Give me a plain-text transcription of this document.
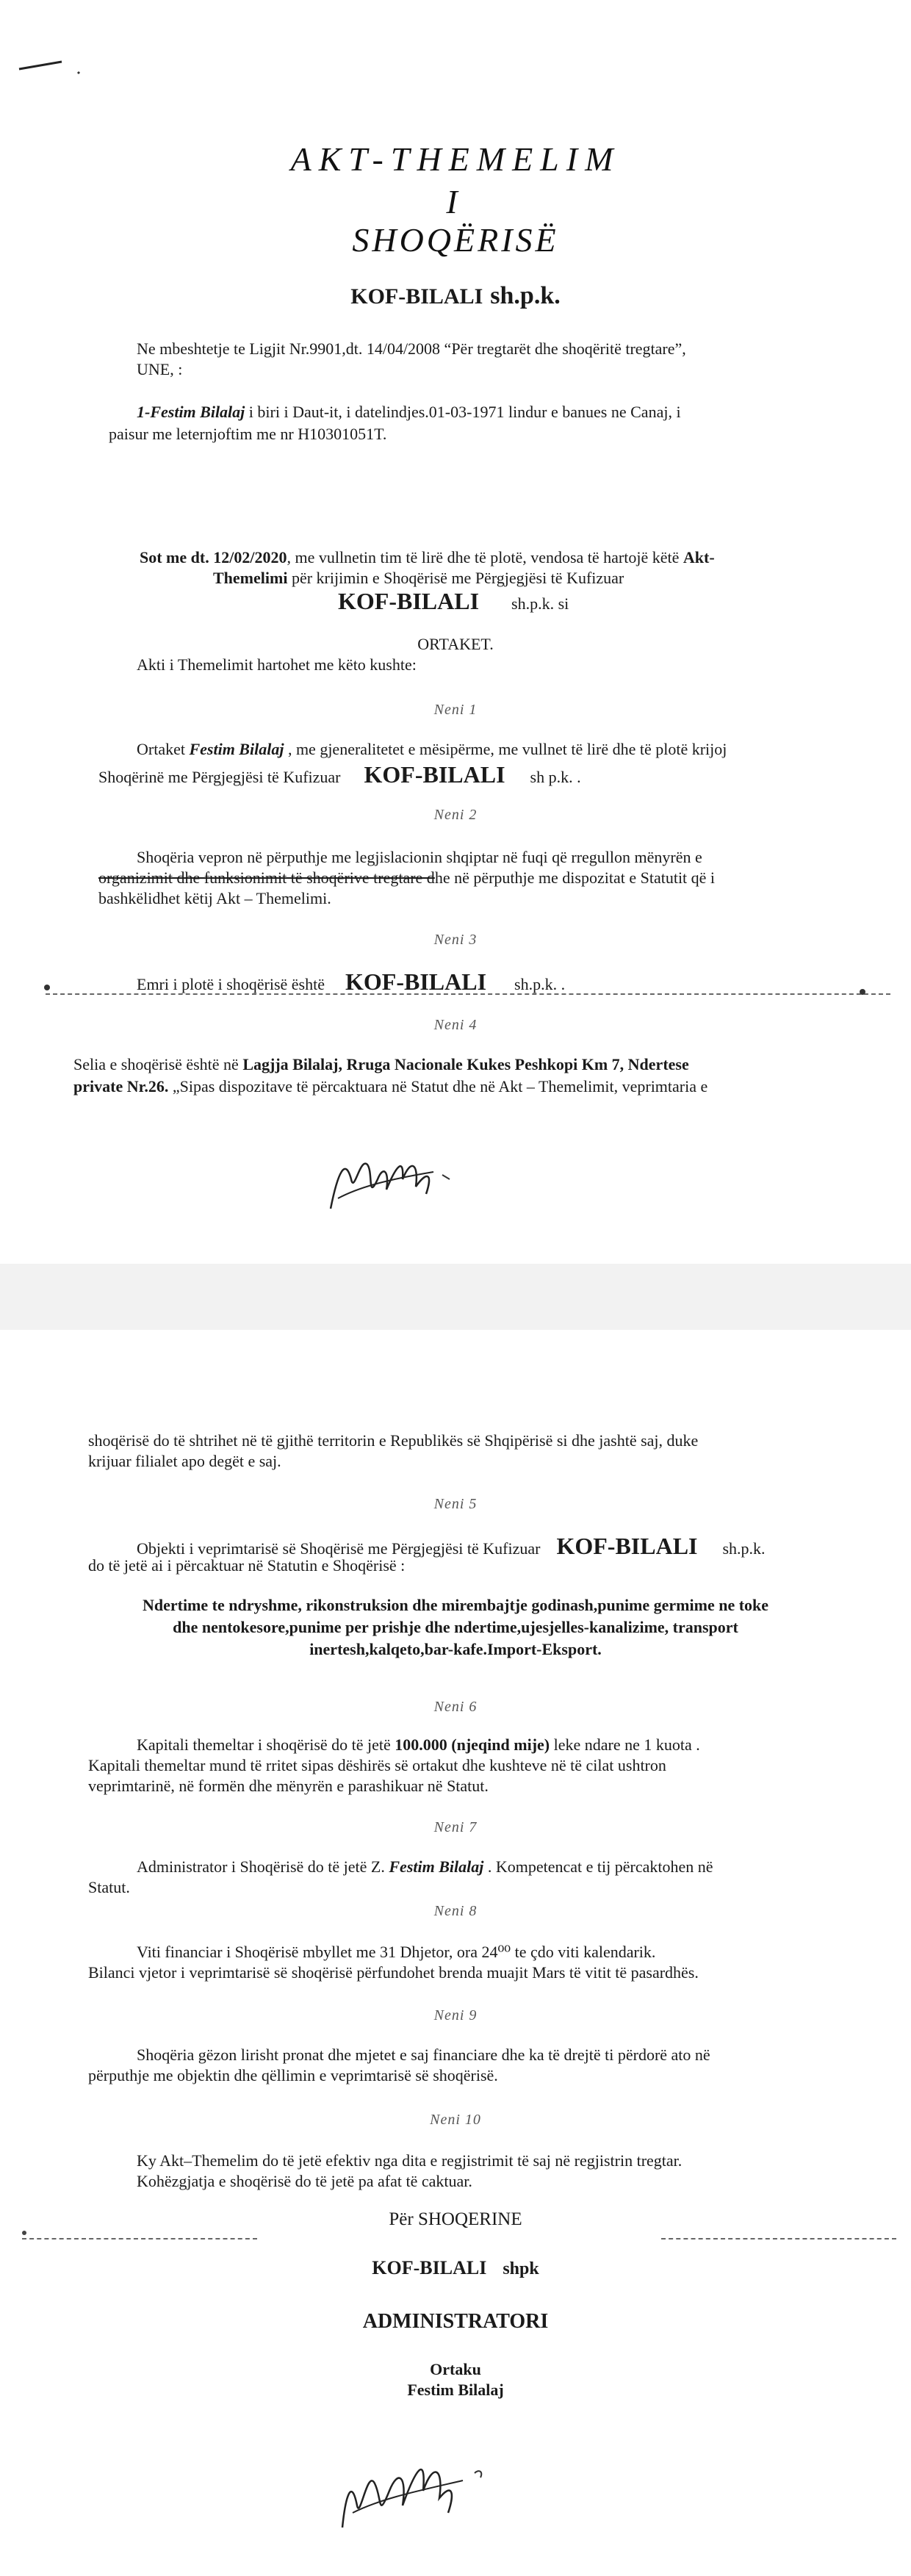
AKT-THEMELIM
I
SHOQËRISË
KOF-BILALI sh.p.k.
Ne mbeshtetje te Ligjit Nr.9901,dt. 14/04/2008 “Për tregtarët dhe shoqëritë tregtare”,
UNE, :
1-Festim Bilalaj i biri i Daut-it, i datelindjes.01-03-1971 lindur e banues ne Canaj, i
paisur me leternjoftim me nr H10301051T.
Sot me dt. 12/02/2020, me vullnetin tim të lirë dhe të plotë, vendosa të hartojë këtë Akt-
Themelimi për krijimin e Shoqërisë me Përgjegjësi të Kufizuar
KOF-BILALI sh.p.k. si
ORTAKET.
Akti i Themelimit hartohet me këto kushte:
Neni 1
Ortaket Festim Bilalaj , me gjeneralitetet e mësipërme, me vullnet të lirë dhe të plotë krijoj
Shoqërinë me Përgjegjësi të Kufizuar KOF-BILALI sh p.k. .
Neni 2
Shoqëria vepron në përputhje me legjislacionin shqiptar në fuqi që rregullon mënyrën e
organizimit dhe funksionimit të shoqërive tregtare dhe në përputhje me dispozitat e Statutit që i
bashkëlidhet këtij Akt – Themelimi.
Neni 3
Emri i plotë i shoqërisë është KOF-BILALI sh.p.k. .
Neni 4
Selia e shoqërisë është në Lagjja Bilalaj, Rruga Nacionale Kukes Peshkopi Km 7, Ndertese
private Nr.26. „Sipas dispozitave të përcaktuara në Statut dhe në Akt – Themelimit, veprimtaria e
shoqërisë do të shtrihet në të gjithë territorin e Republikës së Shqipërisë si dhe jashtë saj, duke
krijuar filialet apo degët e saj.
Neni 5
Objekti i veprimtarisë së Shoqërisë me Përgjegjësi të Kufizuar KOF-BILALI sh.p.k.
do të jetë ai i përcaktuar në Statutin e Shoqërisë :
Ndertime te ndryshme, rikonstruksion dhe mirembajtje godinash,punime germime ne toke
dhe nentokesore,punime per prishje dhe ndertime,ujesjelles-kanalizime, transport
inertesh,kalqeto,bar-kafe.Import-Eksport.
Neni 6
Kapitali themeltar i shoqërisë do të jetë 100.000 (njeqind mije) leke ndare ne 1 kuota .
Kapitali themeltar mund të rritet sipas dëshirës së ortakut dhe kushteve në të cilat ushtron
veprimtarinë, në formën dhe mënyrën e parashikuar në Statut.
Neni 7
Administrator i Shoqërisë do të jetë Z. Festim Bilalaj . Kompetencat e tij përcaktohen në
Statut.
Neni 8
Viti financiar i Shoqërisë mbyllet me 31 Dhjetor, ora 24⁰⁰ te çdo viti kalendarik.
Bilanci vjetor i veprimtarisë së shoqërisë përfundohet brenda muajit Mars të vitit të pasardhës.
Neni 9
Shoqëria gëzon lirisht pronat dhe mjetet e saj financiare dhe ka të drejtë ti përdorë ato në
përputhje me objektin dhe qëllimin e veprimtarisë së shoqërisë.
Neni 10
Ky Akt–Themelim do të jetë efektiv nga dita e regjistrimit të saj në regjistrin tregtar.
Kohëzgjatja e shoqërisë do të jetë pa afat të caktuar.
Për SHOQERINE
KOF-BILALI shpk
ADMINISTRATORI
Ortaku
Festim Bilalaj
